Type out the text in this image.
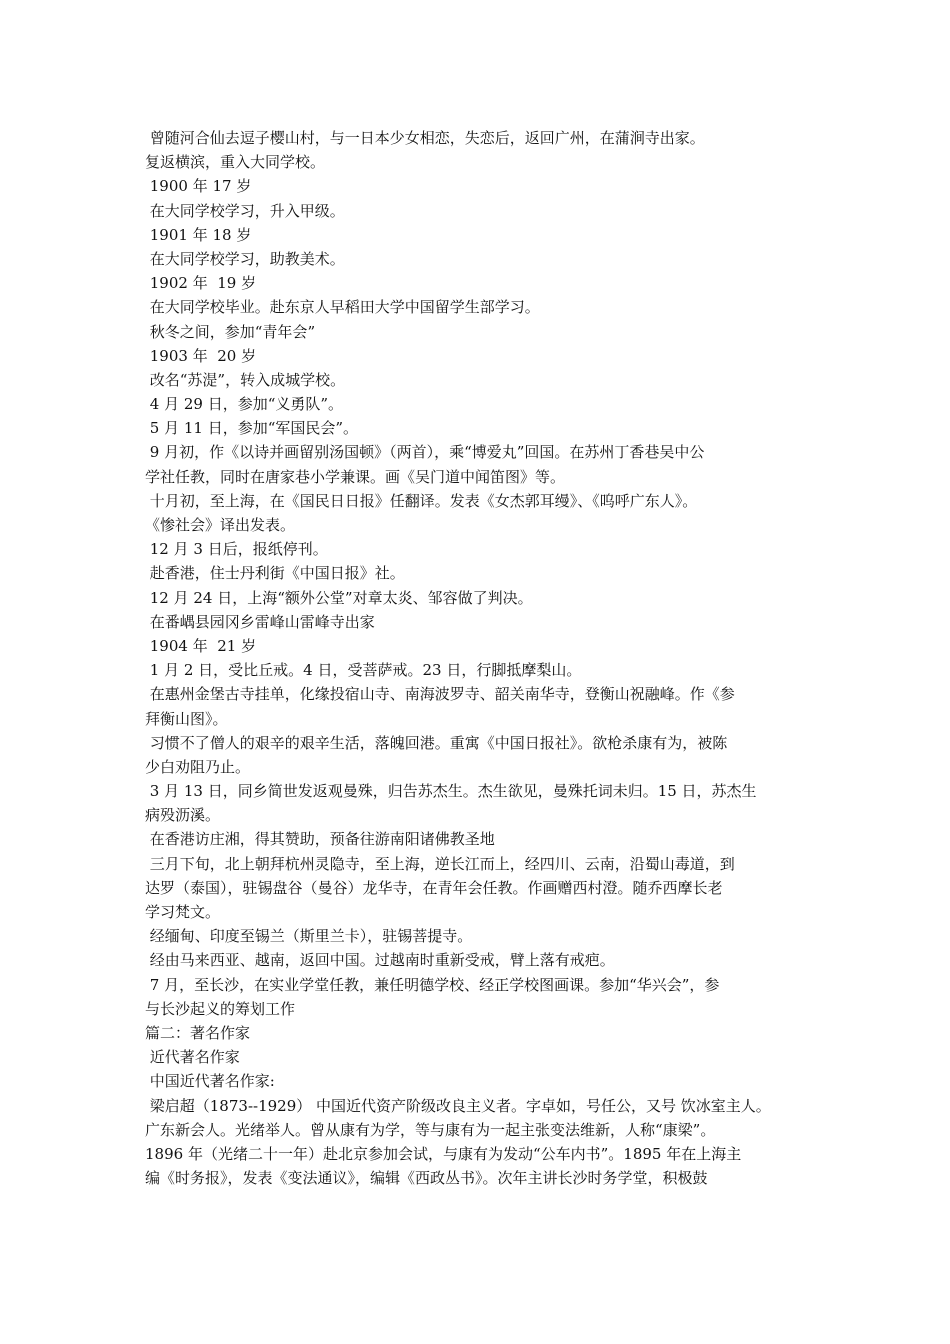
曾随河合仙去逗子樱山村，与一日本少女相恋，失恋后，返回广州，在蒲涧寺出家。
复返横滨，重入大同学校。
1900 年 17 岁
在大同学校学习，升入甲级。
1901 年 18 岁
在大同学校学习，助教美术。
1902 年  19 岁
在大同学校毕业。赴东京人早稻田大学中国留学生部学习。
秋冬之间，参加“青年会”
1903 年  20 岁
改名“苏湜”，转入成城学校。
4 月 29 日，参加“义勇队”。
5 月 11 日，参加“军国民会”。
9 月初，作《以诗并画留别汤国顿》（两首），乘“博爱丸”回国。在苏州丁香巷吴中公
学社任教，同时在唐家巷小学兼课。画《吴门道中闻笛图》等。
十月初，至上海，在《国民日日报》任翻译。发表《女杰郭耳缦》、《呜呼广东人》。
《惨社会》译出发表。
12 月 3 日后，报纸停刊。
赴香港，住士丹利街《中国日报》社。
12 月 24 日，上海“额外公堂”对章太炎、邹容做了判决。
在番嵎县园冈乡雷峰山雷峰寺出家
1904 年  21 岁
1 月 2 日，受比丘戒。4 日，受菩萨戒。23 日，行脚抵摩梨山。
在惠州金堡古寺挂单，化缘投宿山寺、南海波罗寺、韶关南华寺，登衡山祝融峰。作《参
拜衡山图》。
习惯不了僧人的艰辛的艰辛生活，落魄回港。重寓《中国日报社》。欲枪杀康有为，被陈
少白劝阻乃止。
3 月 13 日，同乡简世发返观曼殊，归告苏杰生。杰生欲见，曼殊托词未归。15 日，苏杰生
病殁沥溪。
在香港访庄湘，得其赞助，预备往游南阳诸佛教圣地
三月下旬，北上朝拜杭州灵隐寺，至上海，逆长江而上，经四川、云南，沿蜀山毒道，到
达罗（泰国），驻锡盘谷（曼谷）龙华寺，在青年会任教。作画赠西村澄。随乔西摩长老
学习梵文。
经缅甸、印度至锡兰（斯里兰卡），驻锡菩提寺。
经由马来西亚、越南，返回中国。过越南时重新受戒，臂上落有戒疤。
7 月，至长沙，在实业学堂任教，兼任明德学校、经正学校图画课。参加“华兴会”，参
与长沙起义的筹划工作
篇二：著名作家
近代著名作家
中国近代著名作家:
梁启超（1873--1929） 中国近代资产阶级改良主义者。字卓如，号任公，又号 饮冰室主人。
广东新会人。光绪举人。曾从康有为学，等与康有为一起主张变法维新，人称“康梁”。
1896 年（光绪二十一年）赴北京参加会试，与康有为发动“公车内书”。1895 年在上海主
编《时务报》，发表《变法通议》，编辑《西政丛书》。次年主讲长沙时务学堂，积极鼓
